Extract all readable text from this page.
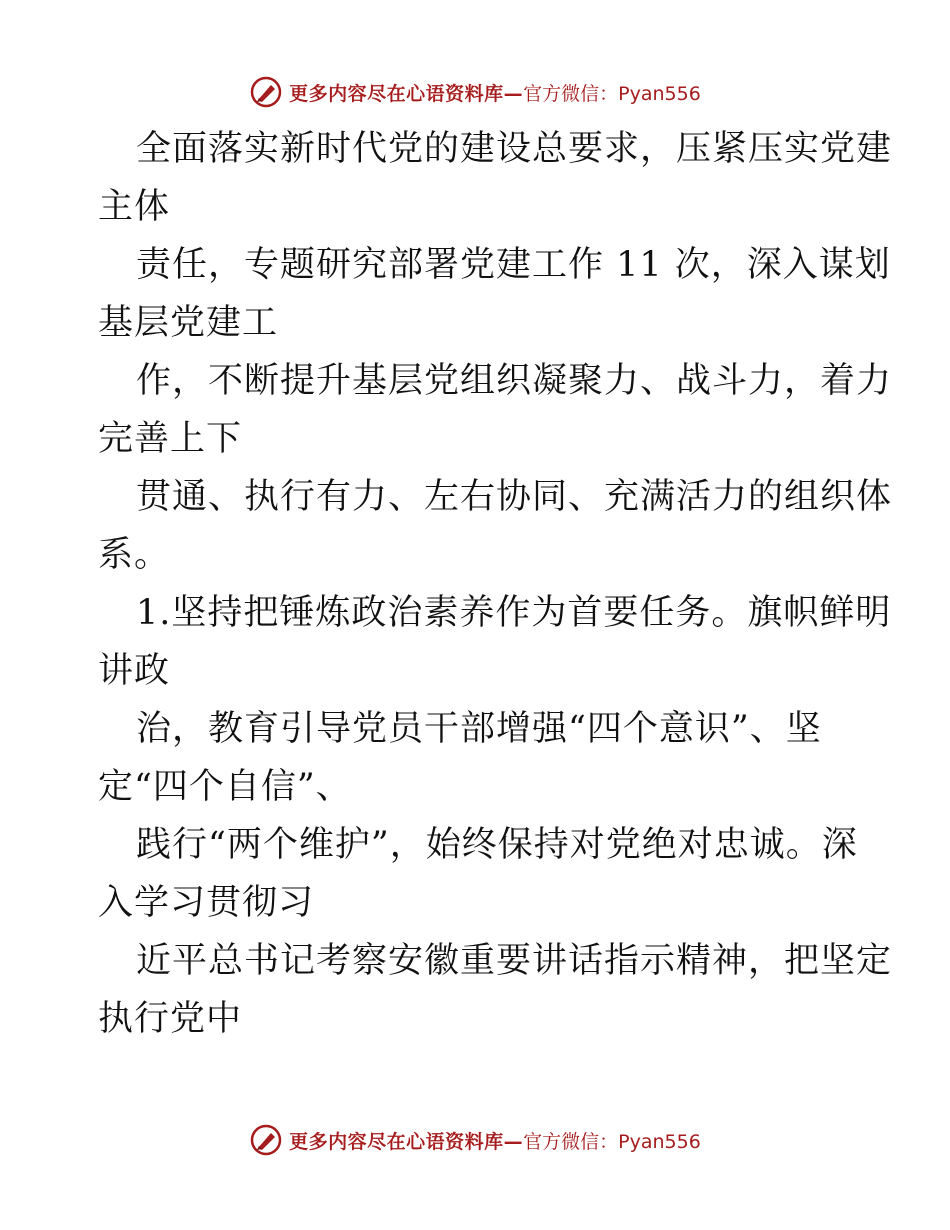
更多内容尽在心语资料库— 官方微信：Pyan556

全面落实新时代党的建设总要求，压紧压实党建
主体

责任，专题研究部署党建工作 11 次，深入谋划
基层党建工

作，不断提升基层党组织凝聚力、战斗力，着力
完善上下

贯通、执行有力、左右协同、充满活力的组织体
系。

1.坚持把锤炼政治素养作为首要任务。旗帜鲜明
讲政

治，教育引导党员干部增强“四个意识”、坚
定“四个自信”、

践行“两个维护”，始终保持对党绝对忠诚。深
入学习贯彻习

近平总书记考察安徽重要讲话指示精神，把坚定
执行党中

更多内容尽在心语资料库— 官方微信：Pyan556
